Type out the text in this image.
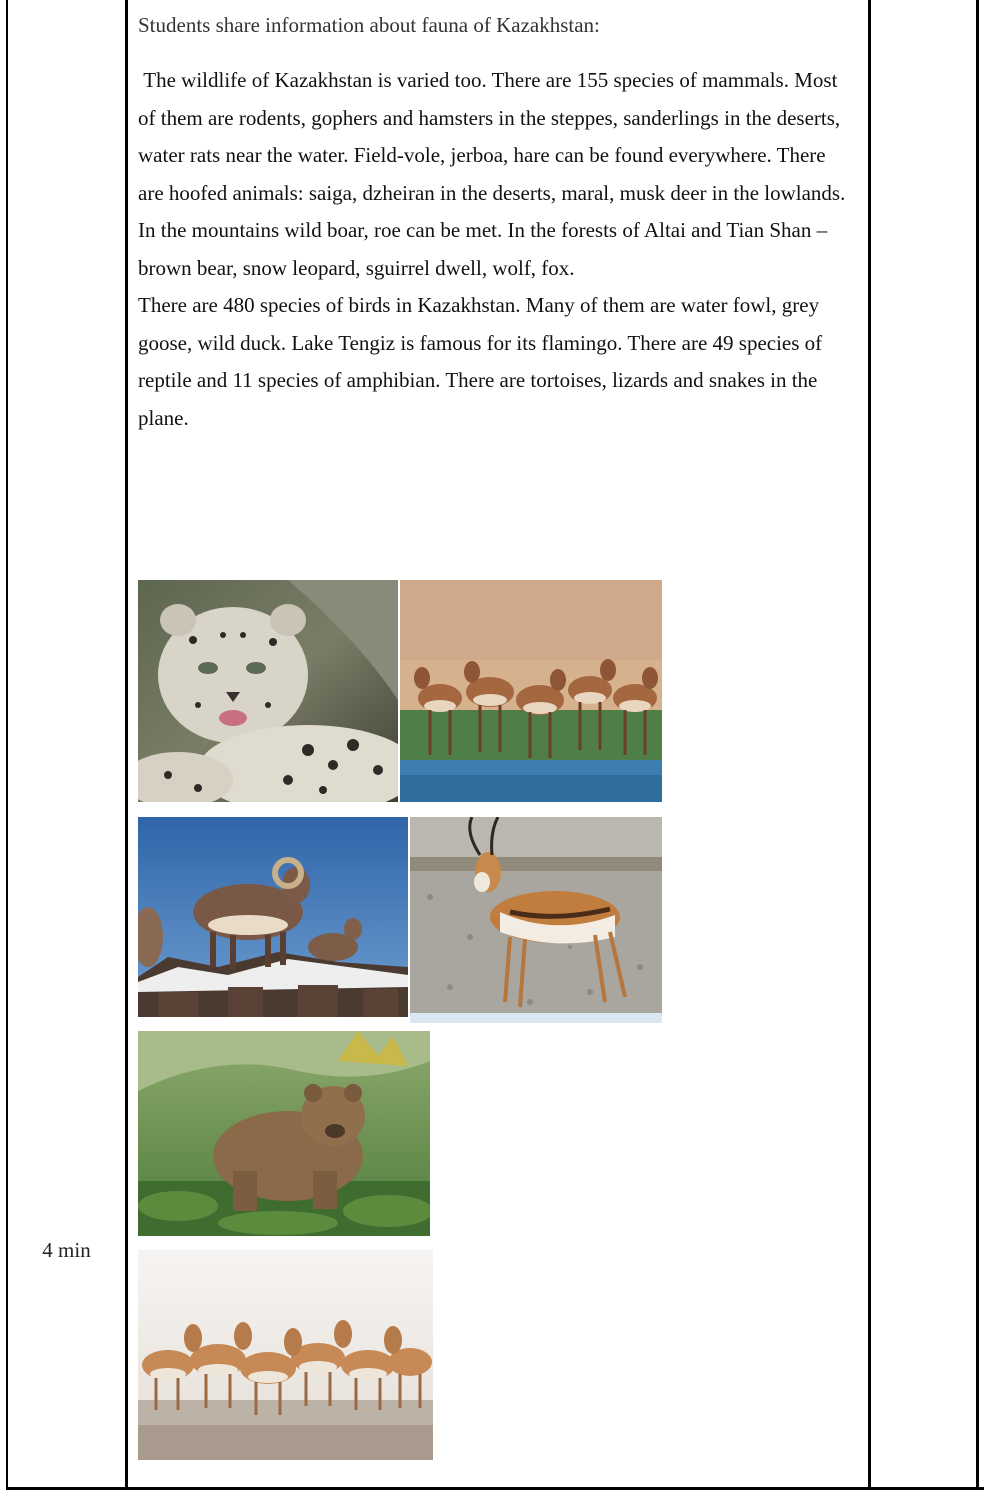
4 min

Students share information about fauna of Kazakhstan:

The wildlife of Kazakhstan is varied too. There are 155 species of mammals. Most of them are rodents, gophers and hamsters in the steppes, sanderlings in the deserts, water rats near the water. Field-vole, jerboa, hare can be found everywhere. There are hoofed animals: saiga, dzheiran in the deserts, maral, musk deer in the lowlands. In the mountains wild boar, roe can be met. In the forests of Altai and Tian Shan – brown bear, snow leopard, sguirrel dwell, wolf, fox.

There are 480 species of birds in Kazakhstan. Many of them are water fowl, grey goose, wild duck. Lake Tengiz is famous for its flamingo. There are 49 species of reptile and 11 species of amphibian. There are tortoises, lizards and snakes in the plane.
